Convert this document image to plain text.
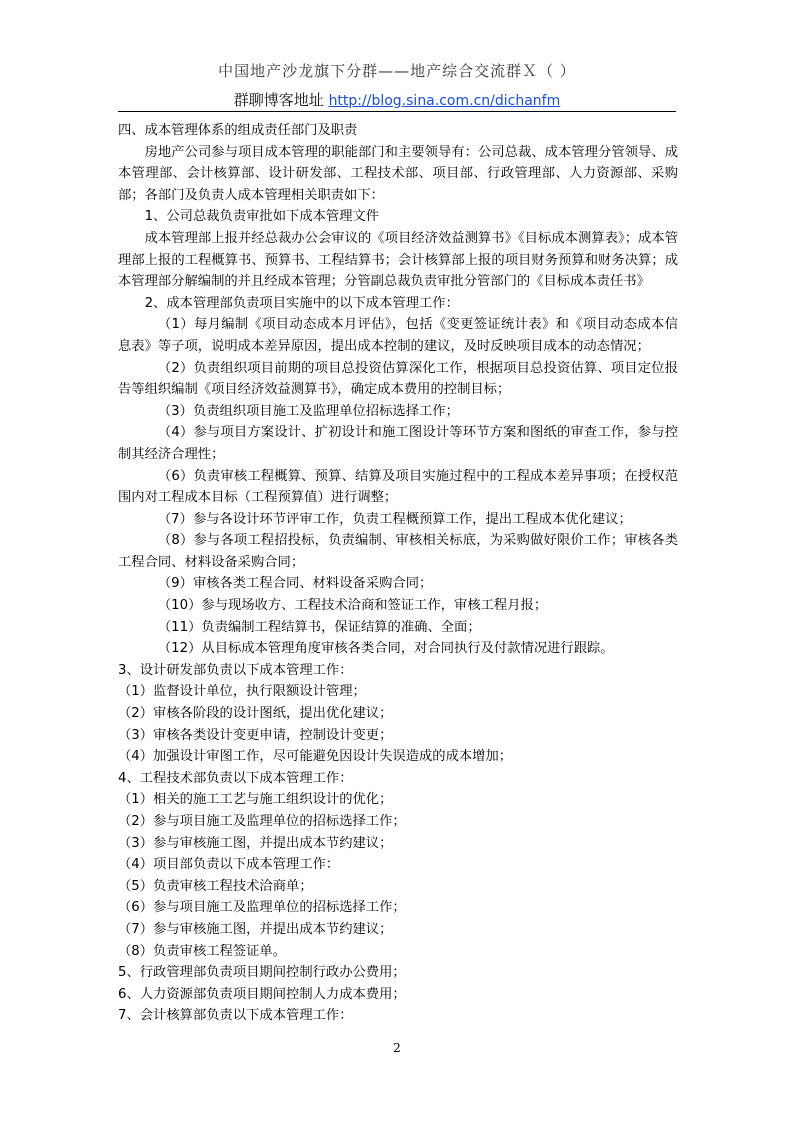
中国地产沙龙旗下分群——地产综合交流群Ｘ（ ）
群聊博客地址 http://blog.sina.com.cn/dichanfm

四、成本管理体系的组成责任部门及职责

房地产公司参与项目成本管理的职能部门和主要领导有：公司总裁、成本管理分管领导、成本管理部、会计核算部、设计研发部、工程技术部、项目部、行政管理部、人力资源部、采购部；各部门及负责人成本管理相关职责如下：

1、公司总裁负责审批如下成本管理文件

成本管理部上报并经总裁办公会审议的《项目经济效益测算书》《目标成本测算表》；成本管理部上报的工程概算书、预算书、工程结算书；会计核算部上报的项目财务预算和财务决算；成本管理部分解编制的并且经成本管理；分管副总裁负责审批分管部门的《目标成本责任书》

2、成本管理部负责项目实施中的以下成本管理工作：

（1）每月编制《项目动态成本月评估》，包括《变更签证统计表》和《项目动态成本信息表》等子项，说明成本差异原因，提出成本控制的建议，及时反映项目成本的动态情况；

（2）负责组织项目前期的项目总投资估算深化工作，根据项目总投资估算、项目定位报告等组织编制《项目经济效益测算书》，确定成本费用的控制目标；

（3）负责组织项目施工及监理单位招标选择工作；

（4）参与项目方案设计、扩初设计和施工图设计等环节方案和图纸的审查工作，参与控制其经济合理性；

（6）负责审核工程概算、预算、结算及项目实施过程中的工程成本差异事项；在授权范围内对工程成本目标（工程预算值）进行调整；

（7）参与各设计环节评审工作，负责工程概预算工作，提出工程成本优化建议；

（8）参与各项工程招投标，负责编制、审核相关标底，为采购做好限价工作；审核各类工程合同、材料设备采购合同；

（9）审核各类工程合同、材料设备采购合同；

（10）参与现场收方、工程技术洽商和签证工作，审核工程月报；

（11）负责编制工程结算书，保证结算的准确、全面；

（12）从目标成本管理角度审核各类合同，对合同执行及付款情况进行跟踪。

3、设计研发部负责以下成本管理工作：

（1）监督设计单位，执行限额设计管理；

（2）审核各阶段的设计图纸，提出优化建议；

（3）审核各类设计变更申请，控制设计变更；

（4）加强设计审图工作，尽可能避免因设计失误造成的成本增加；

4、工程技术部负责以下成本管理工作：

（1）相关的施工工艺与施工组织设计的优化；

（2）参与项目施工及监理单位的招标选择工作；

（3）参与审核施工图，并提出成本节约建议；

（4）项目部负责以下成本管理工作：

（5）负责审核工程技术洽商单；

（6）参与项目施工及监理单位的招标选择工作；

（7）参与审核施工图，并提出成本节约建议；

（8）负责审核工程签证单。

5、行政管理部负责项目期间控制行政办公费用；

6、人力资源部负责项目期间控制人力成本费用；

7、会计核算部负责以下成本管理工作：

2
